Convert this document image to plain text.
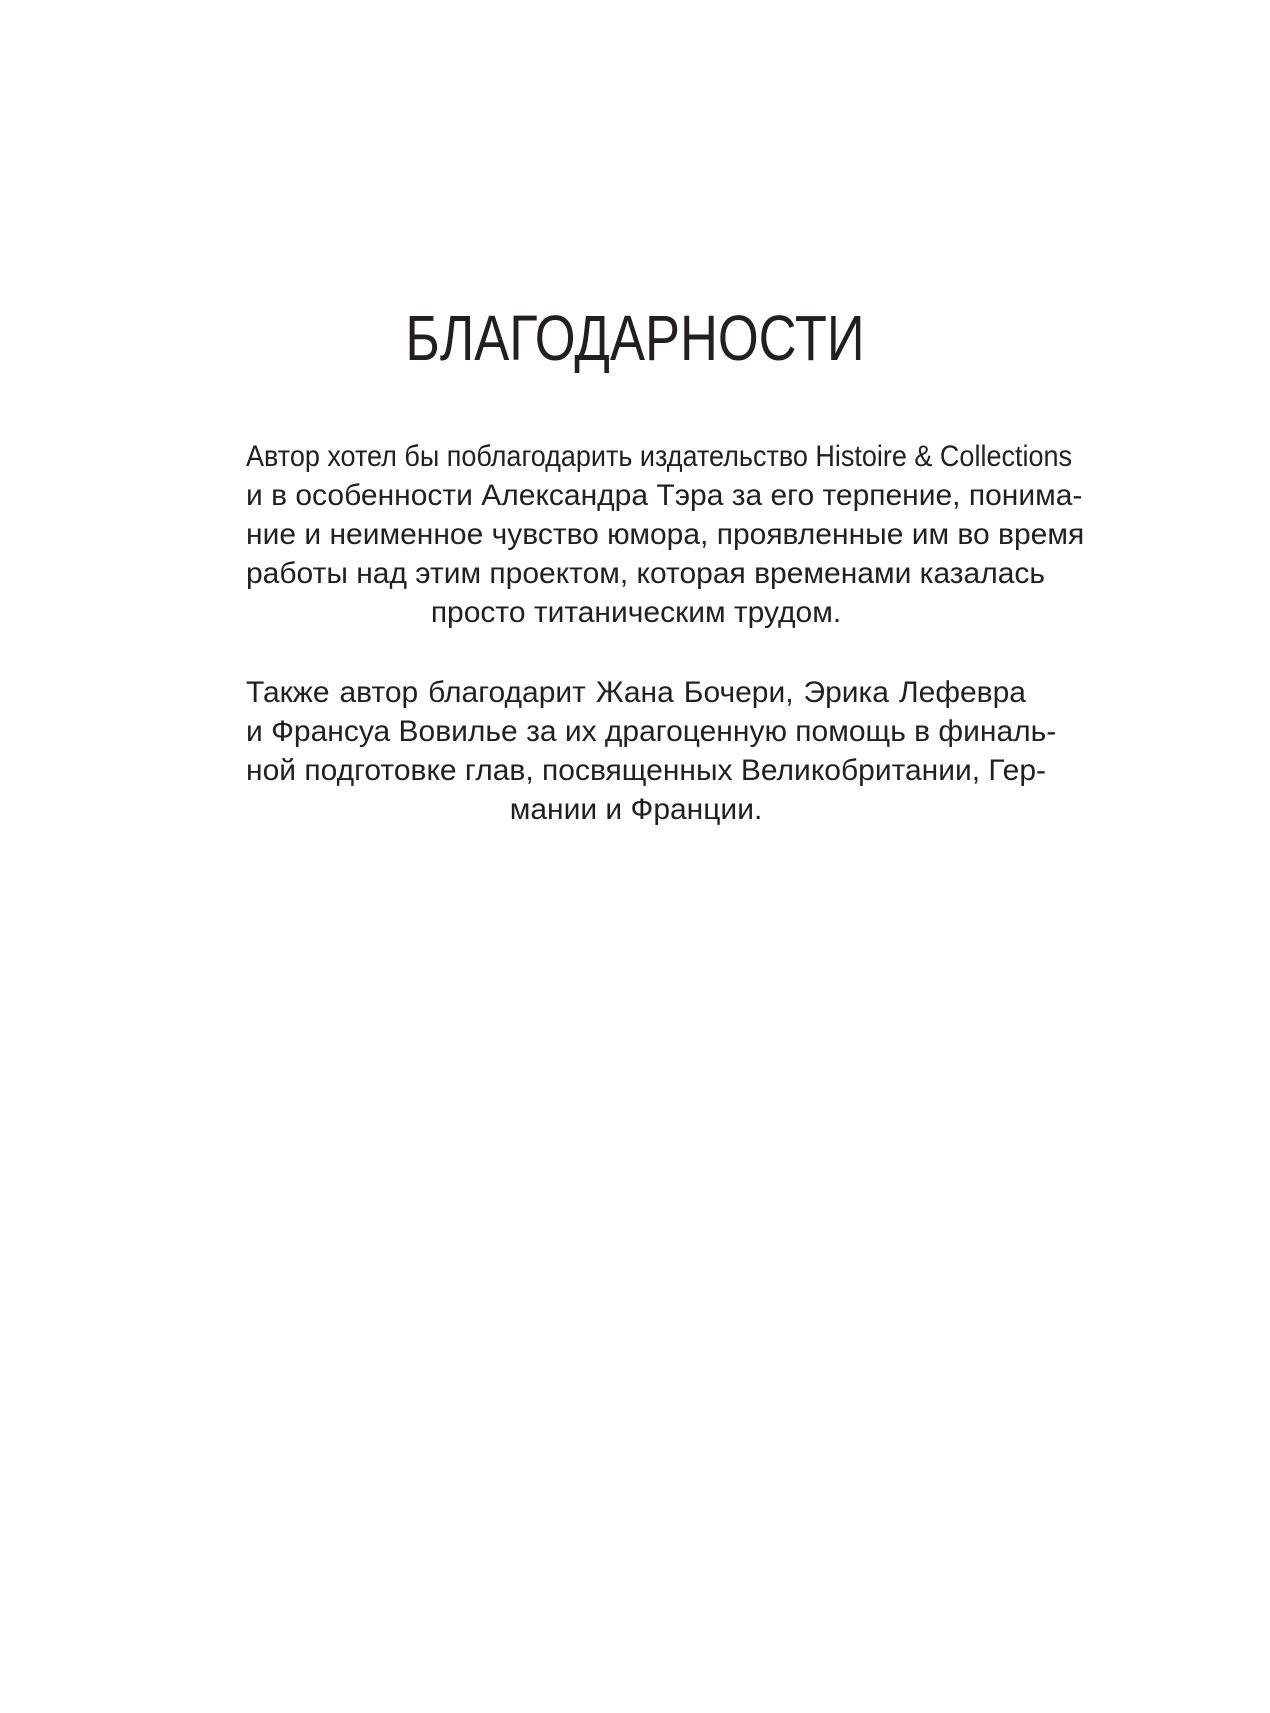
БЛАГОДАРНОСТИ
Автор хотел бы поблагодарить издательство Histoire & Collections
и в особенности Александра Тэра за его терпение, понима-
ние и неименное чувство юмора, проявленные им во время
работы над этим проектом, которая временами казалась
просто титаническим трудом.
Также автор благодарит Жана Бочери, Эрика Лефевра
и Франсуа Вовилье за их драгоценную помощь в финаль-
ной подготовке глав, посвященных Великобритании, Гер-
мании и Франции.
